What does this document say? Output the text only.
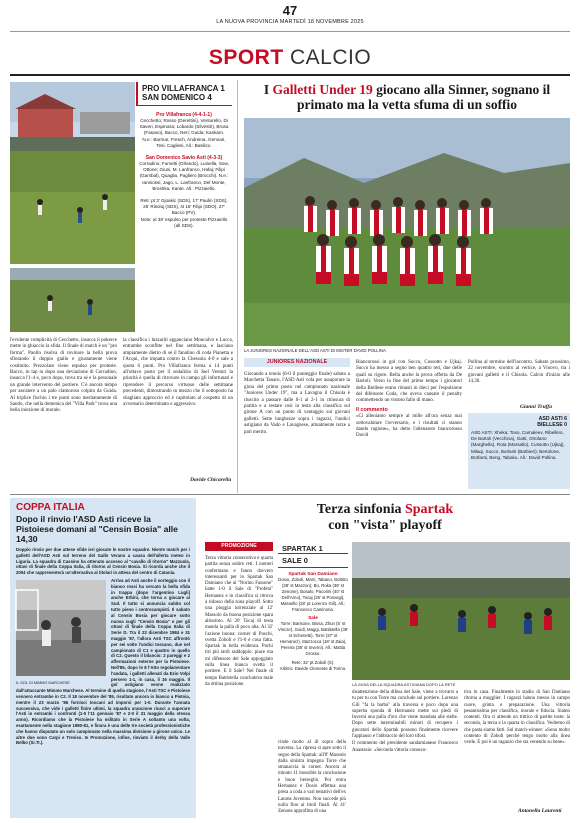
47
LA NUOVA PROVINCIA MARTEDÌ 18 NOVEMBRE 2025
SPORT CALCIO
PRO VILLAFRANCA 1
SAN DOMENICO 4
Pro Villafranca (4-4-1-1)
Cecchetto; Rosso (Derettini), Venturello, Di Saveri, Espinosa; Lobardo (Silvestri), Brusa (Fasano), Bacco, Neri; Guida; Kankam. N.e.: Barmar, Fresch, Andreina, Gennari, Tesi. Cagliesi, All.: Basilico.
San Domenico Savio Asti (4-3-3)
Corradino; Fumetti (Orlando), Luinella, Sow, Ottone; Giuni, M. Lanfranco, Hafaj; Filipi (Gambal), Quaglia, Pagliero (Brocchi). N.e.: Ianniossi, Jago, L. Lanfranco, Del Monte, Broshka, Kante. All.: Pizzaiello.
Reti: pt 3' Gjoakic (SDS), 17' Paulin (SDS), 25' Risoluj (SDS), st 18' Filipi (SDO), 27' Bacco (PV).
Note: al 38' espulso per proteste Pizzaiello (all SDS).
l'evidente complicità di Cecchetto, insacca il pokerce mette in ghiaccio la sfida. Il finale di match è un "pro forma". Paolin risolva di rovinare la bella prova sfiorando il doppio giallo e giustamente viene costituito. Prezzolato viene espulso per proteste. Bacco, in tap in dopo una deviazione di Corradino, insacca l'1-4 e, poco dopo, trova tra sé e la personale un grande intervento del portiere. C'è ancora tempo per assistere a un palo clamoroso colpito da Guida. Al triplice fischio i tre punti sono meritatamente di Sando, che nella domenica del "Villa Park" trova una bella iniezione di morale.
la classifica i luzzariti agganciano Moncalvo e Lucca, entrambe sconfitte nel fine settimana, e lasciano ampiamente dietro di sé il fanalino di coda Pianetta e l'Acqui, che impatta contro la Chessola 4-0 e sale a quota 6 punti. Pro Villafranca ferma a 14 punti all'ottavo posto per il sodalizio di Joel Venturi la priorità è quella di ritrovare in campo gli infortunati e riprendere il percorso virtuoso delle settimane precedenti, dimostrando in mezzo che il sottoposto ha sbagliato approccio ed è capitolato al cospetto di un avversario determinato e aggressivo.
Davide Chicarella
I Galletti Under 19 giocano alla Sinner, sognano il primato ma la vetta sfuma di un soffio
LA JUNIORES NAZIONALE DELL'ASD ASTI DI MISTER DAVID POLLINA
JUNIORES NAZIONALE
Giocando a tennis (6-0 il punteggio finale) sabato a Marchetta Tanaro, l'ASD Asti vola per assaporare la gioia del primo posto nel campionato nazionale "Juniores Under 19", ma a Lavagna il Chisola è riuscito a passare dalle 0-1 al 2-1 in chiusura di partita e a restare così in testa alla classifica sul girone A con un punto di vantaggio sui giovani galletti. Sette lunghezze sopra i ragazzi, l'undici astigiano da Vado e Lavagnese, attualmente terze a pari merito.
Biancorossi in gol con Soccu, Cussotto e Ujkaj. Succo ha messo a segno ben quattro reti, due delle quali su rigore. Bella anche la prova offerta da De Bartoli. Verso la fine del primo tempo i giocatori della Biellese erano rimasti in dieci per l'espulsione del difensore Coda, che aveva causato il penalty commettendo un vistoso fallo di mano.
Il commento
«Ci alleniamo sempre al mille all'ora senza mai sottovalutare l'avversario, e i risultati ci stanno dando ragione», ha detto l'allenatore biancorosso David
Pollina al termine dell'incontro. Sabato prossimo, 22 novembre, scontro al vertice, a Vinovo, tra i giovani galletti e il Chisola. Calcio d'inizio alle 14,30.
Gianni Truffa
ASD ASTI 6
BIELLESE 0
ASD ASTI: Xheka; Toso, Camaleev, Ribellino, De Bartoli (Vecchina), Gatti, Ortolano (Marghella), Rota (Marsallo), Cussotto (Ujkaj), Milaqi, Succo, Borlanti (Barbieri); Bertolone, Borfanti, Beng, Tabaku. All.: David Pollina.
COPPA ITALIA
Dopo il rinvio l'ASD Asti riceve la Pistoiese domani al "Censin Bosia" alle 14,30
Doppio rinvio per due attese sfide ieri giocate le nostre squadre. Niente match per i galletti dell'ASD Asti sul terreno del Gallo Verano a causa dell'allerta meteo in Liguria. La squadra di Cassino ha ottenuto accesso al "cavallo di ritorno" Mazzuola, ottavi di finale della Coppa Italia, di ritorno al Censin Bosia. Si ricorda anche che il 2004 che rappresenterà un'alternativa al titolari in attesa del centro di Catania.
IL GOL DI MIMMO MARCHESE
Arriva ad Asti anche il sorteggio con il bianco rossi ha cercato la bella sfida in trappa (dopo l'argentino Lugli) anche Erbini, che torna a giocare al Sud. Il tutto si annuncia subito col tutto pieno i centrocampisti. Il sabato al Censin Bosia per giocare sotto nuova sugli "Censin Bosia" e per gli ottavi di finale della Coppa Italia di Serie D. Tra il 23 dicembre 1984 e 31 maggio '87, l'allora Asti TSC affrontò per sei volte l'undici toscano, due nel campionato di C1 e quattro in quello di C2. Questo il bilancio: 2 pareggi e 2 affermazioni esterne per la Pistoiese. Nell'85, dopo le 8 l'Atto regolamentare l'andata, i galletti allenati da Ezio Volpi persero 1-1, in casa, il 16 maggio. Il gol astigiano venne realizzato dall'attaccante Mimmo Marchese. Al termine di quella stagione, l'Asti TSC e Pistoiese vennero entrambe in C2. Il 18 novembre del '85, risultato ancora in bianco a Pistoia, mentre il 23 marzo '86 fornisci toscani ad imporsi per 1-0. Durante l'annata successiva, che vide i galletti finire ultimi, la squadra arancione riuscì a superare l'Asti in entrambi i confronti (1-0 l'11 gennaio '87 e 2-0 il 31 maggio della stessa anno). Ricordiamo che la Pistoiese ha militato in Serie A soltanto una volta, esattamente nella stagione 1980-81, e finora è una delle tre società professionistiche che hanno disputato un solo campionato nella massima divisione a girone unico. Le altre due sono Carpi e Treviso. In Promozione, infine, rinviato il derby della Valle Belbo (Si.Tr.).
Terza sinfonia Spartak
con "vista" playoff
PROMOZIONE
Terza vittoria consecutiva e quarta partita senza subire reti. I numeri confermano e fanno davvero interessanti per lo Spartak San Damiano che al "Norino Fassone" batte 1-0 il Sale di "Profeta" Hernanez e in classifica si ritrova a ridosso della zona playoff. Sotto una pioggia torrenziale al 12' Massolo da buona posizione spara altissimo. Al 20' Tocaj di testa manda la palla di poco alta. Al 32' l'azione buona: corner di Puschi, svetta Zoboli e l'1-0 è cosa fatta. Spartak in bella evidenza. Pochi tiri più tardi raddoppio: piace ma mi difensore del Sale appoggiato sulla linea bianca svetta il portiere. E il Sale? Nel finale di tempo Battistella concludeva male da ottima posizione.
cinde molto al di sopra della traversa. La ripresa si apre sotto il segno della Spartak: all'8' Massolo dalla sinistra impegna Torre che smanaccia in corner. Ancora al minuto 11 mossible la conclusione e buon berseglio. Poi entra Hernanez e Dosio effettua una presa a coda a vari tentativi dell'ex Laurea Juventus. Non succede più nulla fino ai titoli finali. Al 41' Zenone approfitta di una
SPARTAK 1
SALE 0
Spartak San Damiano
Dosio, Zoboli, Marri, Tabano, Bottrito (28' st Mazzon); Bo, Roka (39' st Zenone), Bosalo, Pacorini (40' st Dell'Arno), Tocaj (25' st Posvegi), Massello (28' pt Lorenzo Gili). All.: Francesco Caminoria.
Sale
Torre; Barisone, Bissa, Zhun (5' st Vincze), Guidi, Maggi, Battistella (38' st Schenetti), Torre (37' st Hernanez), Mazzocca (18' st Zaia), Pereira (38' st Inverni). All.: Mattia Grosso.
Rete: 32' pt Zoboli (S).
Arbitro: Davide Clemente di Torino.
LA GIOIA DELLA SQUADRA ASTIGIANA DOPO LA RETE
disattenzione della difesa del Sale, viene a trovarsi a tu per tu con Torre ma conclude sul portiere. Lorenzo Gili "fa la barba" alla traversa e poco dopo una superba sponda di Hermanez mette sui piedi di Inverni una palla d'oro che viene mandata alle stelle. Dopo sette interminabili minuti di recupero i giocatori dello Spartak possono finalmente ricevere l'applauso e l'abbraccio del loro tifosi.
Il commento del presidente sandamianese Francesco Anastasio: «Seconda vittoria consecu-
tiva in casa. Finalmente lo stadio di San Damiano ritorna a mogglier. I ragazzi hanno messo in campo cuore, grinta e preparazione. Una vittoria pesantissima per classifica, morale e fiducia. Siamo contenti. Ora ci attende un trittico di partite toste: la seconda, la terza e la quarta in classifica. Vedremo di che pasta siamo fatti. Sul match-winner: «Sono molto contento di Zoboli perché tengo molto alla linea verde. E poi è un ragazzo che sta venendo su bene».
Antonella Laurenti
